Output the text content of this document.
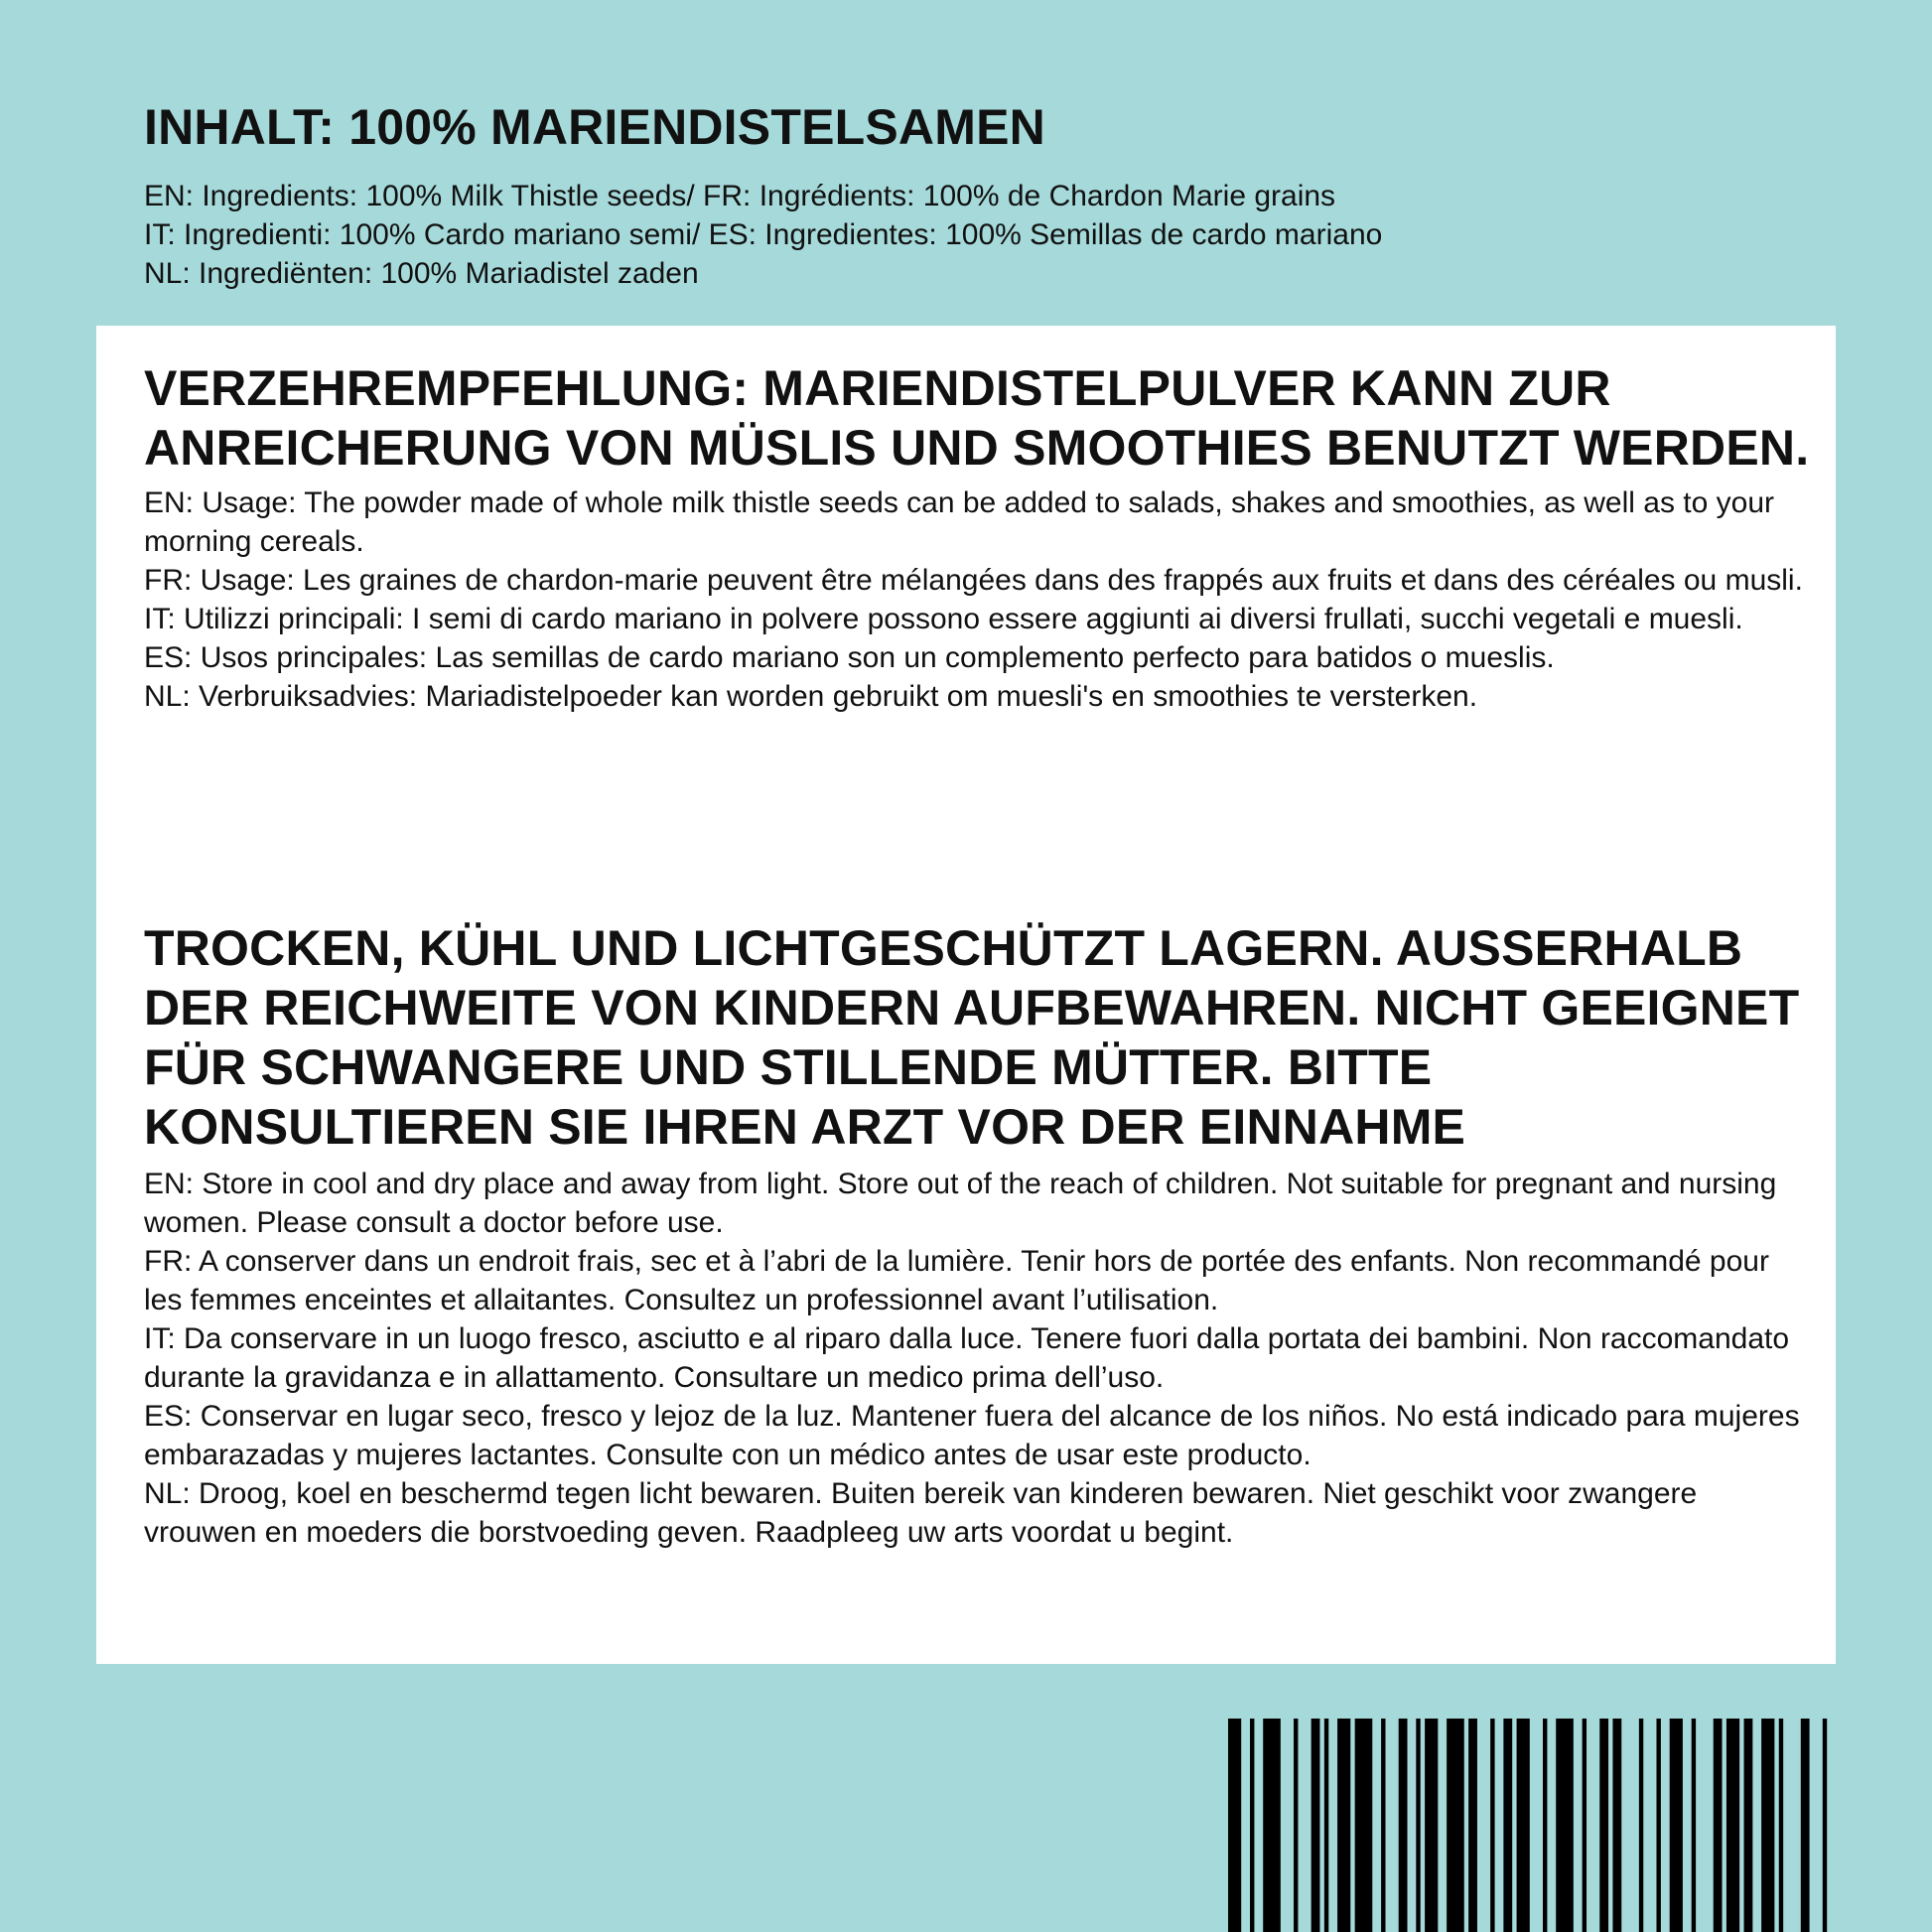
INHALT: 100% MARIENDISTELSAMEN
EN: Ingredients: 100% Milk Thistle seeds/ FR: Ingrédients: 100% de Chardon Marie grains
IT: Ingredienti: 100% Cardo mariano semi/ ES: Ingredientes: 100% Semillas de cardo mariano
NL: Ingrediënten: 100% Mariadistel zaden
VERZEHREMPFEHLUNG: MARIENDISTELPULVER KANN ZUR ANREICHERUNG VON MÜSLIS UND SMOOTHIES BENUTZT WERDEN.
EN: Usage: The powder made of whole milk thistle seeds can be added to salads, shakes and smoothies, as well as to your morning cereals.
FR: Usage: Les graines de chardon-marie peuvent être mélangées dans des frappés aux fruits et dans des céréales ou musli.
IT: Utilizzi principali: I semi di cardo mariano in polvere possono essere aggiunti ai diversi frullati, succhi vegetali e muesli.
ES: Usos principales: Las semillas de cardo mariano son un complemento perfecto para batidos o mueslis.
NL: Verbruiksadvies: Mariadistelpoeder kan worden gebruikt om muesli's en smoothies te versterken.
TROCKEN, KÜHL UND LICHTGESCHÜTZT LAGERN. AUSSERHALB DER REICHWEITE VON KINDERN AUFBEWAHREN. NICHT GEEIGNET FÜR SCHWANGERE UND STILLENDE MÜTTER. BITTE KONSULTIEREN SIE IHREN ARZT VOR DER EINNAHME
EN: Store in cool and dry place and away from light. Store out of the reach of children. Not suitable for pregnant and nursing women. Please consult a doctor before use.
FR: A conserver dans un endroit frais, sec et à l’abri de la lumière. Tenir hors de portée des enfants. Non recommandé pour les femmes enceintes et allaitantes. Consultez un professionnel avant l’utilisation.
IT: Da conservare in un luogo fresco, asciutto e al riparo dalla luce. Tenere fuori dalla portata dei bambini. Non raccomandato durante la gravidanza e in allattamento. Consultare un medico prima dell’uso.
ES: Conservar en lugar seco, fresco y lejoz de la luz. Mantener fuera del alcance de los niños. No está indicado para mujeres embarazadas y mujeres lactantes. Consulte con un médico antes de usar este producto.
NL: Droog, koel en beschermd tegen licht bewaren. Buiten bereik van kinderen bewaren. Niet geschikt voor zwangere vrouwen en moeders die borstvoeding geven. Raadpleeg uw arts voordat u begint.
